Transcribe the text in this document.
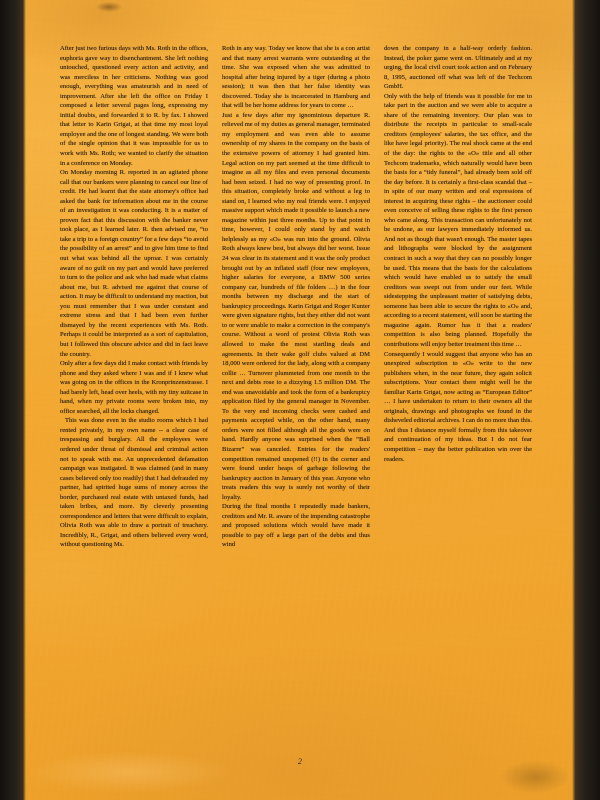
After just two furious days with Ms. Roth in the offices, euphoria gave way to disenchantment. She left nothing untouched, questioned every action and activity, and was merciless in her criticisms. Nothing was good enough, everything was amateurish and in need of improvement. After she left the office on Friday I composed a letter several pages long, expressing my initial doubts, and forwarded it to R. by fax. I showed that letter to Karin Grigat, at that time my most loyal employee and the one of longest standing. We were both of the single opinion that it was impossible for us to work with Ms. Roth; we wanted to clarify the situation in a conference on Monday.

On Monday morning R. reported in an agitated phone call that our bankers were planning to cancel our line of credit. He had learnt that the state attorney's office had asked the bank for information about me in the course of an investigation it was conducting. It is a matter of proven fact that this discussion with the banker never took place, as I learned later. R. then advised me, “to take a trip to a foreign country” for a few days “to avoid the possibility of an arrest” and to give him time to find out what was behind all the uproar. I was certainly aware of no guilt on my part and would have preferred to turn to the police and ask who had made what claims about me, but R. advised me against that course of action. It may be difficult to understand my reaction, but you must remember that I was under constant and extreme stress and that I had been even further dismayed by the recent experiences with Ms. Roth. Perhaps it could be interpreted as a sort of capitulation, but I followed this obscure advice and did in fact leave the country.

Only after a few days did I make contact with friends by phone and they asked where I was and if I knew what was going on in the offices in the Kronprinzenstrasse. I had barely left, head over heels, with my tiny suitcase in hand, when my private rooms were broken into, my office searched, all the locks changed.

This was done even in the studio rooms which I had rented privately, in my own name -- a clear case of trespassing and burglary. All the employees were ordered under threat of dismissal and criminal action not to speak with me. An unprecedented defamation campaign was instigated. It was claimed (and in many cases believed only too readily) that I had defrauded my partner, had spirited huge sums of money across the border, purchased real estate with untaxed funds, had taken bribes, and more. By cleverly presenting correspondence and letters that were difficult to explain, Olivia Roth was able to draw a portrait of treachery. Incredibly, R., Grigat, and others believed every word, without questioning Ms.

Roth in any way. Today we know that she is a con artist and that many arrest warrants were outstanding at the time. She was exposed when she was admitted to hospital after being injured by a tiger (during a photo session); it was then that her false identity was discovered. Today she is incarcerated in Hamburg and that will be her home address for years to come …

Just a few days after my ignominious departure R. relieved me of my duties as general manager, terminated my employment and was even able to assume ownership of my shares in the company on the basis of the extensive powers of attorney I had granted him. Legal action on my part seemed at the time difficult to imagine as all my files and even personal documents had been seized. I had no way of presenting proof. In this situation, completely broke and without a leg to stand on, I learned who my real friends were. I enjoyed massive support which made it possible to launch a new magazine within just three months. Up to that point in time, however, I could only stand by and watch helplessly as my «O» was run into the ground. Olivia Roth always knew best, but always did her worst. Issue 24 was clear in its statement and it was the only product brought out by an inflated staff (four new employees, higher salaries for everyone, a BMW 500 series company car, hundreds of file folders …) in the four months between my discharge and the start of bankruptcy proceedings. Karin Grigat and Roger Kunter were given signature rights, but they either did not want to or were unable to make a correction in the company's course. Without a word of protest Olivia Roth was allowed to make the most startling deals and agreements. In their wake golf clubs valued at DM 18,000 were ordered for the lady, along with a company collie … Turnover plummeted from one month to the next and debts rose to a dizzying 1.5 million DM. The end was unavoidable and took the form of a bankruptcy application filed by the general manager in November. To the very end incoming checks were cashed and payments accepted while, on the other hand, many orders were not filled although all the goods were on hand. Hardly anyone was surprised when the “Ball Bizarre” was canceled. Entries for the readers' competition remained unopened (!!) in the corner and were found under heaps of garbage following the bankruptcy auction in January of this year. Anyone who treats readers this way is surely not worthy of their loyalty.

During the final months I repeatedly made bankers, creditors and Mr. R. aware of the impending catastrophe and proposed solutions which would have made it possible to pay off a large part of the debts and thus wind

down the company in a half-way orderly fashion. Instead, the poker game went on. Ultimately and at my urging, the local civil court took action and on February 8, 1995, auctioned off what was left of the Techcom GmbH.

Only with the help of friends was it possible for me to take part in the auction and we were able to acquire a share of the remaining inventory. Our plan was to distribute the receipts in particular to small-scale creditors (employees' salaries, the tax office, and the like have legal priority). The real shock came at the end of the day: the rights to the «O» title and all other Techcom trademarks, which naturally would have been the basis for a “tidy funeral”, had already been sold off the day before. It is certainly a first-class scandal that – in spite of our many written and oral expressions of interest in acquiring these rights – the auctioneer could even conceive of selling these rights to the first person who came along. This transaction can unfortunately not be undone, as our lawyers immediately informed us. And not as though that wasn't enough. The master tapes and lithographs were blocked by the assignment contract in such a way that they can no possibly longer be used. This means that the basis for the calculations which would have enabled us to satisfy the small creditors was swept out from under our feet. While sidestepping the unpleasant matter of satisfying debts, someone has been able to secure the rights to «O» and, according to a recent statement, will soon be starting the magazine again. Rumor has it that a readers' competition is also being planned. Hopefully the contributions will enjoy better treatment this time …

Consequently I would suggest that anyone who has an unexpired subscription to «O» write to the new publishers when, in the near future, they again solicit subscriptions. Your contact there might well be the familiar Karin Grigat, now acting as “European Editor” … I have undertaken to return to their owners all the originals, drawings and photographs we found in the disheveled editorial archives. I can do no more than this. And thus I distance myself formally from this takeover and continuation of my ideas. But I do not fear competition – may the better publication win over the readers.

2
